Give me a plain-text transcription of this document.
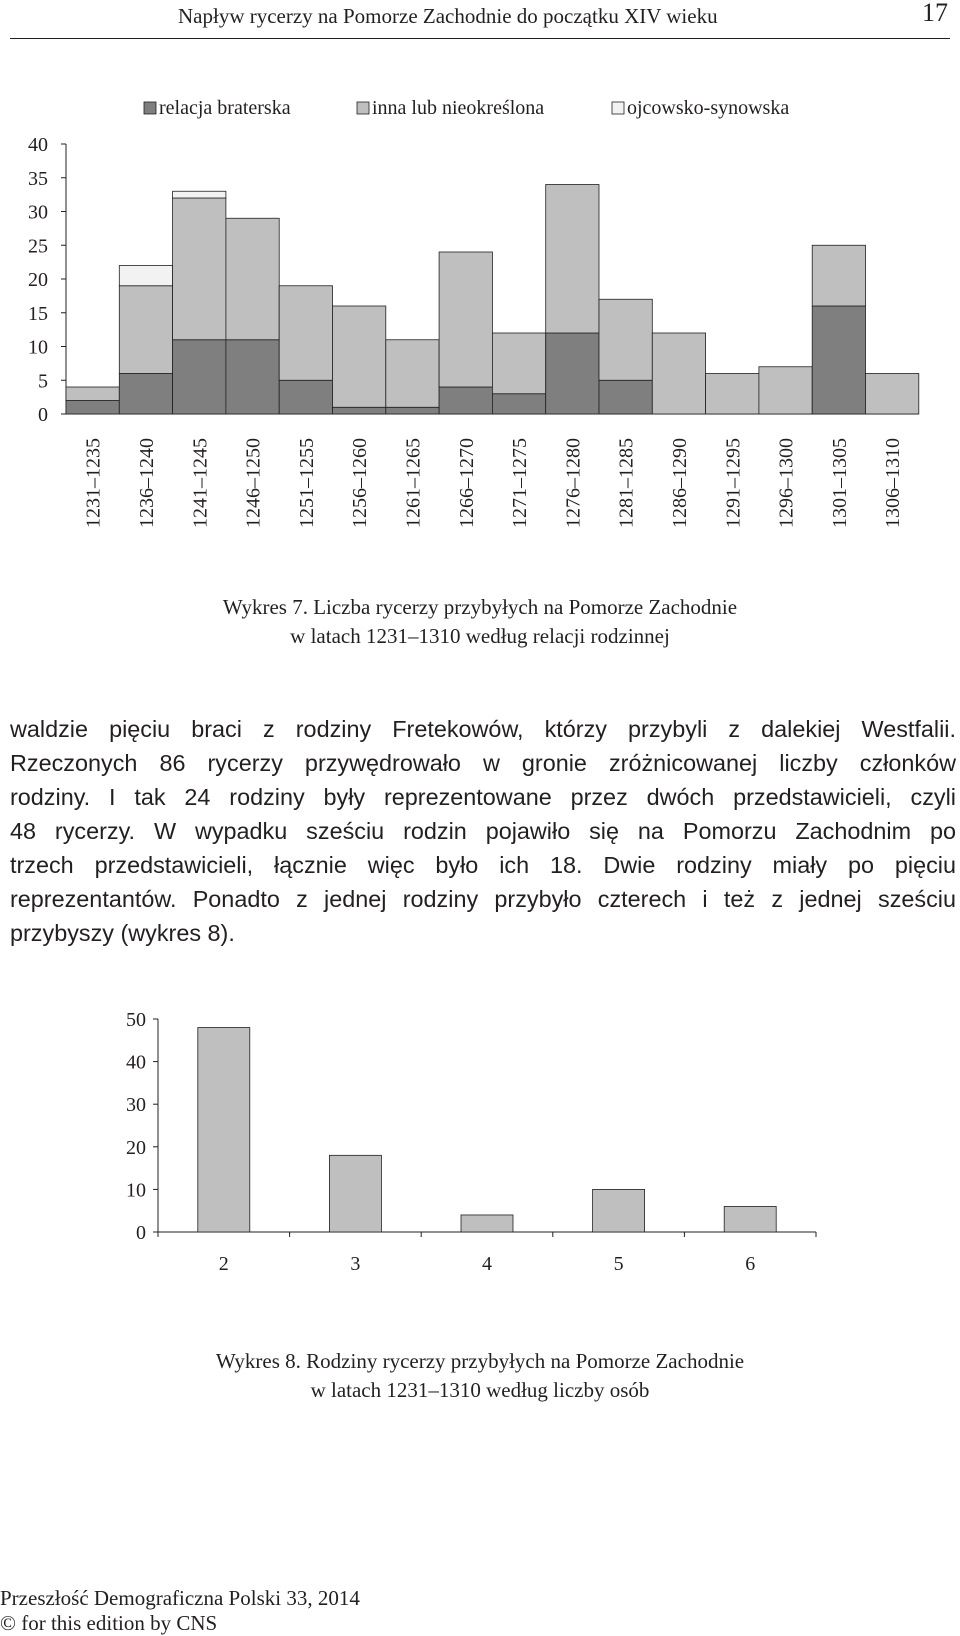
Napływ rycerzy na Pomorze Zachodnie do początku XIV wieku	17
relacja braterska	inna lub nieokreślona	ojcowsko-synowska
0
5
10
15
20
25
30
35
40
1231–1235 1236–1240 1241–1245 1246–1250 1251–1255 1256–1260 1261–1265 1266–1270 1271–1275 1276–1280 1281–1285 1286–1290 1291–1295 1296–1300 1301–1305 1306–1310
Wykres 7. Liczba rycerzy przybyłych na Pomorze Zachodnie
w latach 1231–1310 według relacji rodzinnej

waldzie pięciu braci z rodziny Fretekowów, którzy przybyli z dalekiej Westfalii.
Rzeczonych 86 rycerzy przywędrowało w gronie zróżnicowanej liczby członków
rodziny. I tak 24 rodziny były reprezentowane przez dwóch przedstawicieli, czyli
48 rycerzy. W wypadku sześciu rodzin pojawiło się na Pomorzu Zachodnim po
trzech przedstawicieli, łącznie więc było ich 18. Dwie rodziny miały po pięciu
reprezentantów. Ponadto z jednej rodziny przybyło czterech i też z jednej sześciu
przybyszy (wykres 8).

0
10
20
30
40
50
2	3	4	5	6
Wykres 8. Rodziny rycerzy przybyłych na Pomorze Zachodnie
w latach 1231–1310 według liczby osób
Przeszłość Demograficzna Polski 33, 2014
© for this edition by CNS
